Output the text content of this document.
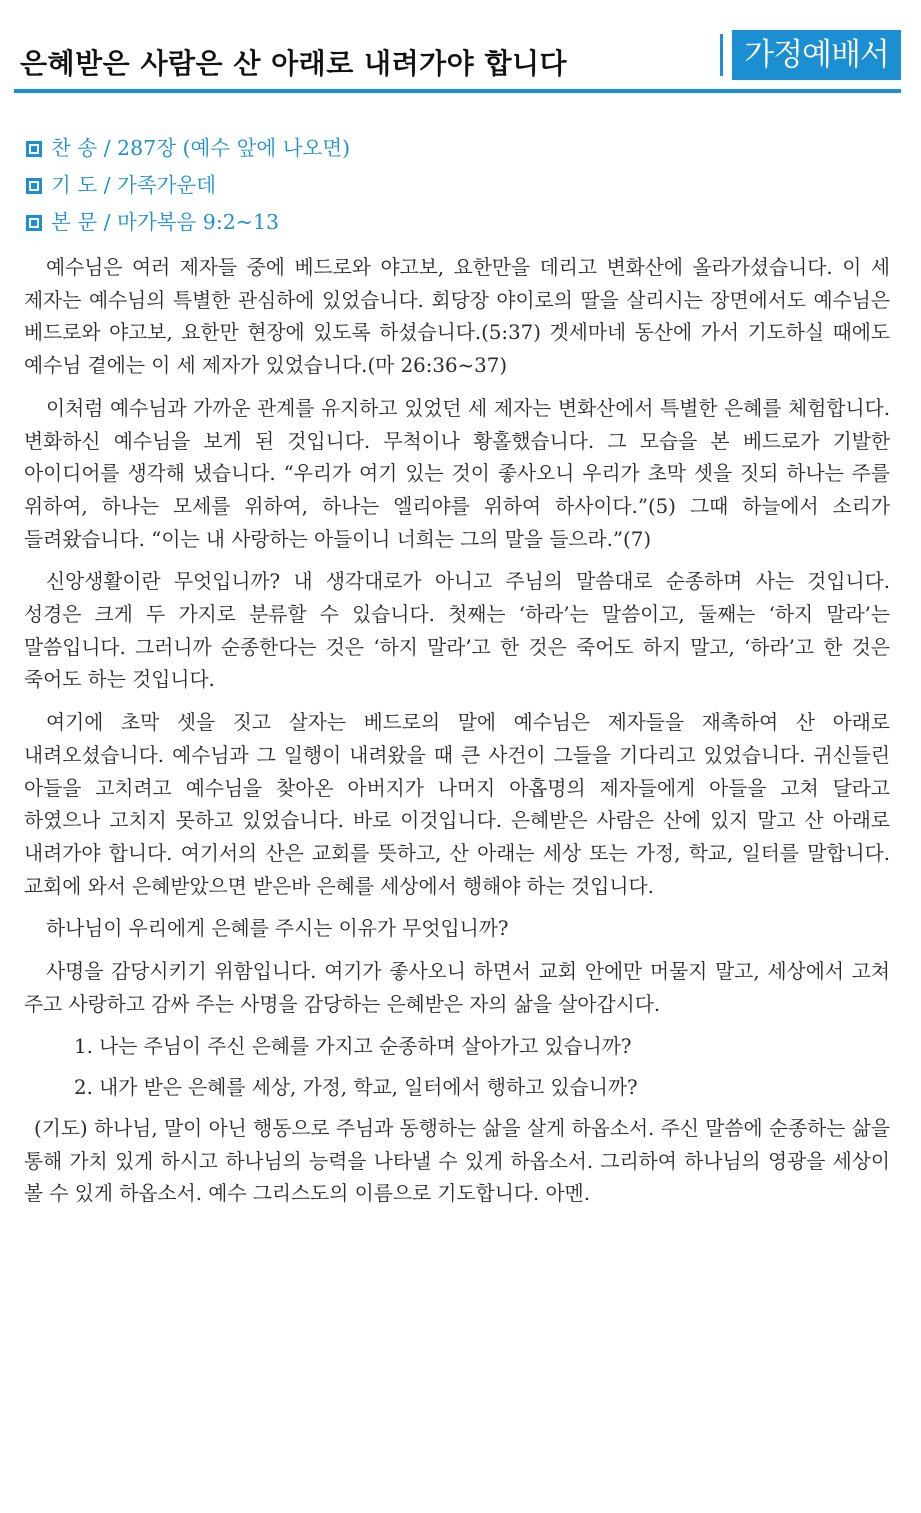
은혜받은 사람은 산 아래로 내려가야 합니다	가정예배서
찬 송 / 287장 (예수 앞에 나오면)
기 도 / 가족가운데
본 문 / 마가복음 9:2~13

예수님은 여러 제자들 중에 베드로와 야고보, 요한만을 데리고 변화산에 올라가셨습니다. 이 세 제자는 예수님의 특별한 관심하에 있었습니다. 회당장 야이로의 딸을 살리시는 장면에서도 예수님은 베드로와 야고보, 요한만 현장에 있도록 하셨습니다.(5:37) 겟세마네 동산에 가서 기도하실 때에도 예수님 곁에는 이 세 제자가 있었습니다.(마 26:36~37)

이처럼 예수님과 가까운 관계를 유지하고 있었던 세 제자는 변화산에서 특별한 은혜를 체험합니다. 변화하신 예수님을 보게 된 것입니다. 무척이나 황홀했습니다. 그 모습을 본 베드로가 기발한 아이디어를 생각해 냈습니다. “우리가 여기 있는 것이 좋사오니 우리가 초막 셋을 짓되 하나는 주를 위하여, 하나는 모세를 위하여, 하나는 엘리야를 위하여 하사이다.”(5) 그때 하늘에서 소리가 들려왔습니다. “이는 내 사랑하는 아들이니 너희는 그의 말을 들으라.”(7)

신앙생활이란 무엇입니까? 내 생각대로가 아니고 주님의 말씀대로 순종하며 사는 것입니다. 성경은 크게 두 가지로 분류할 수 있습니다. 첫째는 ‘하라’는 말씀이고, 둘째는 ‘하지 말라’는 말씀입니다. 그러니까 순종한다는 것은 ‘하지 말라’고 한 것은 죽어도 하지 말고, ‘하라’고 한 것은 죽어도 하는 것입니다.

여기에 초막 셋을 짓고 살자는 베드로의 말에 예수님은 제자들을 재촉하여 산 아래로 내려오셨습니다. 예수님과 그 일행이 내려왔을 때 큰 사건이 그들을 기다리고 있었습니다. 귀신들린 아들을 고치려고 예수님을 찾아온 아버지가 나머지 아홉명의 제자들에게 아들을 고쳐 달라고 하였으나 고치지 못하고 있었습니다. 바로 이것입니다. 은혜받은 사람은 산에 있지 말고 산 아래로 내려가야 합니다. 여기서의 산은 교회를 뜻하고, 산 아래는 세상 또는 가정, 학교, 일터를 말합니다. 교회에 와서 은혜받았으면 받은바 은혜를 세상에서 행해야 하는 것입니다.

하나님이 우리에게 은혜를 주시는 이유가 무엇입니까?

사명을 감당시키기 위함입니다. 여기가 좋사오니 하면서 교회 안에만 머물지 말고, 세상에서 고쳐 주고 사랑하고 감싸 주는 사명을 감당하는 은혜받은 자의 삶을 살아갑시다.

1. 나는 주님이 주신 은혜를 가지고 순종하며 살아가고 있습니까?

2. 내가 받은 은혜를 세상, 가정, 학교, 일터에서 행하고 있습니까?

(기도) 하나님, 말이 아닌 행동으로 주님과 동행하는 삶을 살게 하옵소서. 주신 말씀에 순종하는 삶을 통해 가치 있게 하시고 하나님의 능력을 나타낼 수 있게 하옵소서. 그리하여 하나님의 영광을 세상이 볼 수 있게 하옵소서. 예수 그리스도의 이름으로 기도합니다. 아멘.
